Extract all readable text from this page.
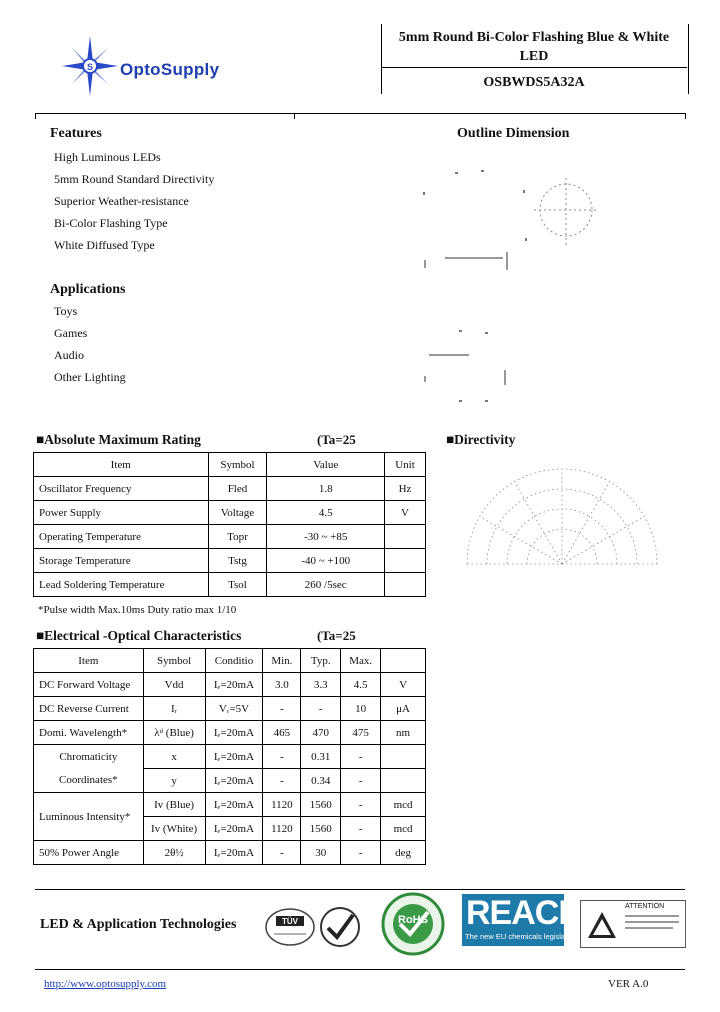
S OptoSupply
5mm Round Bi-Color Flashing Blue & White
LED
OSBWDS5A32A
Features
High Luminous LEDs
5mm Round Standard Directivity
Superior Weather-resistance
Bi-Color Flashing Type
White Diffused Type
Applications
Toys
Games
Audio
Other Lighting
Outline Dimension
■Absolute Maximum Rating	(Ta=25
Item	Symbol	Value	Unit
Oscillator Frequency	Fled	1.8	Hz
Power Supply	Voltage	4.5	V
Operating Temperature	Topr	-30 ~ +85	
Storage Temperature	Tstg	-40 ~ +100	
Lead Soldering Temperature	Tsol	260 /5sec	
*Pulse width Max.10ms Duty ratio max 1/10
■Directivity
■Electrical -Optical Characteristics	(Ta=25
Item	Symbol	Conditio	Min.	Typ.	Max.	
DC Forward Voltage	Vdd	Iₑ=20mA	3.0	3.3	4.5	V
DC Reverse Current	Iᵣ	Vᵣ=5V	-	-	10	μA
Domi. Wavelength*	λᵈ (Blue)	Iₑ=20mA	465	470	475	nm
Chromaticity	x	Iₑ=20mA	-	0.31	-	
Coordinates*	y	Iₑ=20mA	-	0.34	-	
Luminous Intensity*	Iv (Blue)	Iₑ=20mA	1120	1560	-	mcd
	Iv (White)	Iₑ=20mA	1120	1560	-	mcd
50% Power Angle	2θ½	Iₑ=20mA	-	30	-	deg
LED & Application Technologies	TÜV	RoHS REACH
The new EU chemicals legislation
ATTENTION
http://www.optosupply.com	VER A.0
